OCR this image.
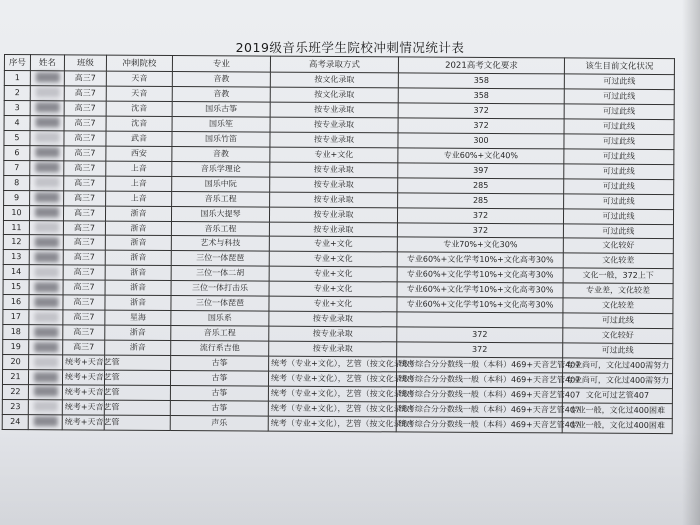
2019级音乐班学生院校冲刺情况统计表
序号	姓名	班级	冲刺院校	专业	高考录取方式	2021高考文化要求	该生目前文化状况
1		高三7	天音	音教	按文化录取	358	可过此线
2		高三7	天音	音教	按文化录取	358	可过此线
3		高三7	沈音	国乐古筝	按专业录取	372	可过此线
4		高三7	沈音	国乐笙	按专业录取	372	可过此线
5		高三7	武音	国乐竹笛	按专业录取	300	可过此线
6		高三7	西安	音教	专业+文化	专业60%+文化40%	可过此线
7		高三7	上音	音乐学理论	按专业录取	397	可过此线
8		高三7	上音	国乐中阮	按专业录取	285	可过此线
9		高三7	上音	音乐工程	按专业录取	285	可过此线
10		高三7	浙音	国乐大提琴	按专业录取	372	可过此线
11		高三7	浙音	音乐工程	按专业录取	372	可过此线
12		高三7	浙音	艺术与科技	专业+文化	专业70%+文化30%	文化较好
13		高三7	浙音	三位一体琵琶	专业+文化	专业60%+文化学考10%+文化高考30%	文化较差
14		高三7	浙音	三位一体二胡	专业+文化	专业60%+文化学考10%+文化高考30%	文化一般，372上下
15		高三7	浙音	三位一体打击乐	专业+文化	专业60%+文化学考10%+文化高考30%	专业差，文化较差
16		高三7	浙音	三位一体琵琶	专业+文化	专业60%+文化学考10%+文化高考30%	文化较差
17		高三7	星海	国乐系	按专业录取		可过此线
18		高三7	浙音	音乐工程	按专业录取	372	文化较好
19		高三7	浙音	流行系吉他	按专业录取	372	可过此线
20		统考+天音艺管		古筝	统考（专业+文化），艺管（按文化录取）	统考综合分分数线一般（本科）469+天音艺管407	专业尚可，文化过400需努力
21		统考+天音艺管		古筝	统考（专业+文化），艺管（按文化录取）	统考综合分分数线一般（本科）469+天音艺管407	专业尚可，文化过400需努力
22		统考+天音艺管		古筝	统考（专业+文化），艺管（按文化录取）	统考综合分分数线一般（本科）469+天音艺管407	文化可过艺管407
23		统考+天音艺管		古筝	统考（专业+文化），艺管（按文化录取）	统考综合分分数线一般（本科）469+天音艺管407	专业一般，文化过400困难
24		统考+天音艺管		声乐	统考（专业+文化），艺管（按文化录取）	统考综合分分数线一般（本科）469+天音艺管407	专业一般，文化过400困难
